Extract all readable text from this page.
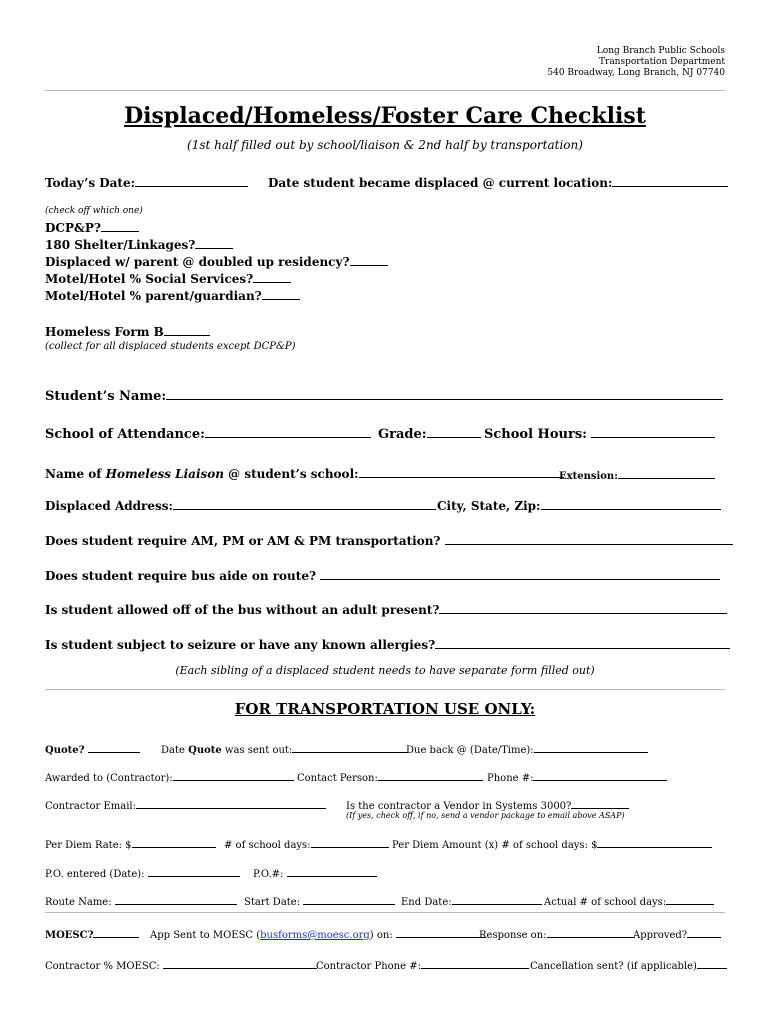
Long Branch Public Schools
Transportation Department
540 Broadway, Long Branch, NJ 07740
Displaced/Homeless/Foster Care Checklist
(1st half filled out by school/liaison & 2nd half by transportation)
Today’s Date:	Date student became displaced @ current location:
(check off which one)
DCP&P?
180 Shelter/Linkages?
Displaced w/ parent @ doubled up residency?
Motel/Hotel % Social Services?
Motel/Hotel % parent/guardian?
Homeless Form B
(collect for all displaced students except DCP&P)
Student’s Name:
School of Attendance:	Grade:	School Hours:
Name of Homeless Liaison @ student’s school:	Extension:
Displaced Address:	City, State, Zip:
Does student require AM, PM or AM & PM transportation?
Does student require bus aide on route?
Is student allowed off of the bus without an adult present?
Is student subject to seizure or have any known allergies?
(Each sibling of a displaced student needs to have separate form filled out)
FOR TRANSPORTATION USE ONLY:
Quote?	Date Quote was sent out:	Due back @ (Date/Time):
Awarded to (Contractor):	Contact Person:	Phone #:
Contractor Email:	Is the contractor a Vendor in Systems 3000?
(If yes, check off, if no, send a vendor package to email above ASAP)
Per Diem Rate: $	# of school days:	Per Diem Amount (x) # of school days: $
P.O. entered (Date):	P.O.#:
Route Name:	Start Date:	End Date:	Actual # of school days:
MOESC?	App Sent to MOESC (busforms@moesc.org) on:	Response on:	Approved?
Contractor % MOESC:	Contractor Phone #:	Cancellation sent? (if applicable)
